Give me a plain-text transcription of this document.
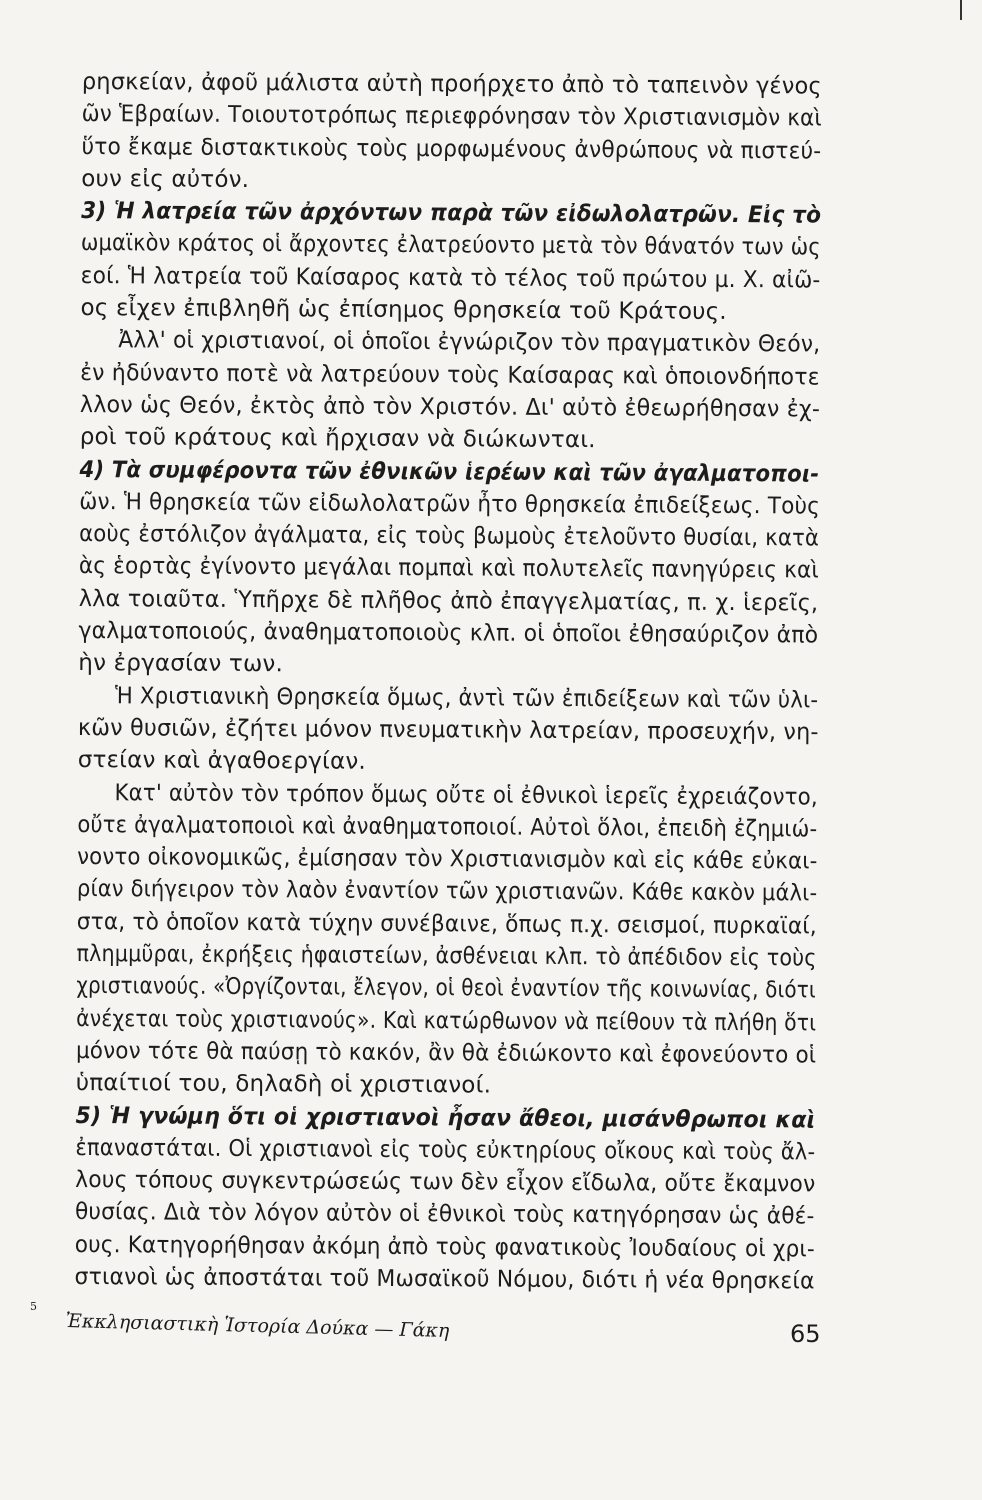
ρησκείαν, ἀφοῦ μάλιστα αὐτὴ προήρχετο ἀπὸ τὸ ταπεινὸν γένος
ῶν Ἑβραίων. Τοιουτοτρόπως περιεφρόνησαν τὸν Χριστιανισμὸν καὶ
ὕτο ἔκαμε διστακτικοὺς τοὺς μορφωμένους ἀνθρώπους νὰ πιστεύ-
ουν εἰς αὐτόν.
3) Ἡ λατρεία τῶν ἀρχόντων παρὰ τῶν εἰδωλολατρῶν. Εἰς τὸ
ωμαϊκὸν κράτος οἱ ἄρχοντες ἐλατρεύοντο μετὰ τὸν θάνατόν των ὡς
εοί. Ἡ λατρεία τοῦ Καίσαρος κατὰ τὸ τέλος τοῦ πρώτου μ. Χ. αἰῶ-
ος εἶχεν ἐπιβληθῆ ὡς ἐπίσημος θρησκεία τοῦ Κράτους.
Ἀλλ' οἱ χριστιανοί, οἱ ὁποῖοι ἐγνώριζον τὸν πραγματικὸν Θεόν,
ἐν ἠδύναντο ποτὲ νὰ λατρεύουν τοὺς Καίσαρας καὶ ὁποιονδήποτε
λλον ὡς Θεόν, ἐκτὸς ἀπὸ τὸν Χριστόν. Δι' αὐτὸ ἐθεωρήθησαν ἐχ-
ροὶ τοῦ κράτους καὶ ἤρχισαν νὰ διώκωνται.
4) Τὰ συμφέροντα τῶν ἐθνικῶν ἱερέων καὶ τῶν ἀγαλματοποι-
ῶν. Ἡ θρησκεία τῶν εἰδωλολατρῶν ἦτο θρησκεία ἐπιδείξεως. Τοὺς
αοὺς ἐστόλιζον ἀγάλματα, εἰς τοὺς βωμοὺς ἐτελοῦντο θυσίαι, κατὰ
ὰς ἑορτὰς ἐγίνοντο μεγάλαι πομπαὶ καὶ πολυτελεῖς πανηγύρεις καὶ
λλα τοιαῦτα. Ὑπῆρχε δὲ πλῆθος ἀπὸ ἐπαγγελματίας, π. χ. ἱερεῖς,
γαλματοποιούς, ἀναθηματοποιοὺς κλπ. οἱ ὁποῖοι ἐθησαύριζον ἀπὸ
ὴν ἐργασίαν των.
Ἡ Χριστιανικὴ Θρησκεία ὅμως, ἀντὶ τῶν ἐπιδείξεων καὶ τῶν ὑλι-
κῶν θυσιῶν, ἐζήτει μόνον πνευματικὴν λατρείαν, προσευχήν, νη-
στείαν καὶ ἀγαθοεργίαν.
Κατ' αὐτὸν τὸν τρόπον ὅμως οὔτε οἱ ἐθνικοὶ ἱερεῖς ἐχρειάζοντο,
οὔτε ἀγαλματοποιοὶ καὶ ἀναθηματοποιοί. Αὐτοὶ ὅλοι, ἐπειδὴ ἐζημιώ-
νοντο οἰκονομικῶς, ἐμίσησαν τὸν Χριστιανισμὸν καὶ εἰς κάθε εὐκαι-
ρίαν διήγειρον τὸν λαὸν ἐναντίον τῶν χριστιανῶν. Κάθε κακὸν μάλι-
στα, τὸ ὁποῖον κατὰ τύχην συνέβαινε, ὅπως π.χ. σεισμοί, πυρκαϊαί,
πλημμῦραι, ἐκρήξεις ἡφαιστείων, ἀσθένειαι κλπ. τὸ ἀπέδιδον εἰς τοὺς
χριστιανούς. «Ὀργίζονται, ἔλεγον, οἱ θεοὶ ἐναντίον τῆς κοινωνίας, διότι
ἀνέχεται τοὺς χριστιανούς». Καὶ κατώρθωνον νὰ πείθουν τὰ πλήθη ὅτι
μόνον τότε θὰ παύσῃ τὸ κακόν, ἂν θὰ ἐδιώκοντο καὶ ἐφονεύοντο οἱ
ὑπαίτιοί του, δηλαδὴ οἱ χριστιανοί.
5) Ἡ γνώμη ὅτι οἱ χριστιανοὶ ἦσαν ἄθεοι, μισάνθρωποι καὶ
ἐπαναστάται. Οἱ χριστιανοὶ εἰς τοὺς εὐκτηρίους οἴκους καὶ τοὺς ἄλ-
λους τόπους συγκεντρώσεώς των δὲν εἶχον εἴδωλα, οὔτε ἔκαμνον
θυσίας. Διὰ τὸν λόγον αὐτὸν οἱ ἐθνικοὶ τοὺς κατηγόρησαν ὡς ἀθέ-
ους. Κατηγορήθησαν ἀκόμη ἀπὸ τοὺς φανατικοὺς Ἰουδαίους οἱ χρι-
στιανοὶ ὡς ἀποστάται τοῦ Μωσαϊκοῦ Νόμου, διότι ἡ νέα θρησκεία
5
Ἐκκλησιαστικὴ Ἱστορία Δούκα — Γάκη	65
